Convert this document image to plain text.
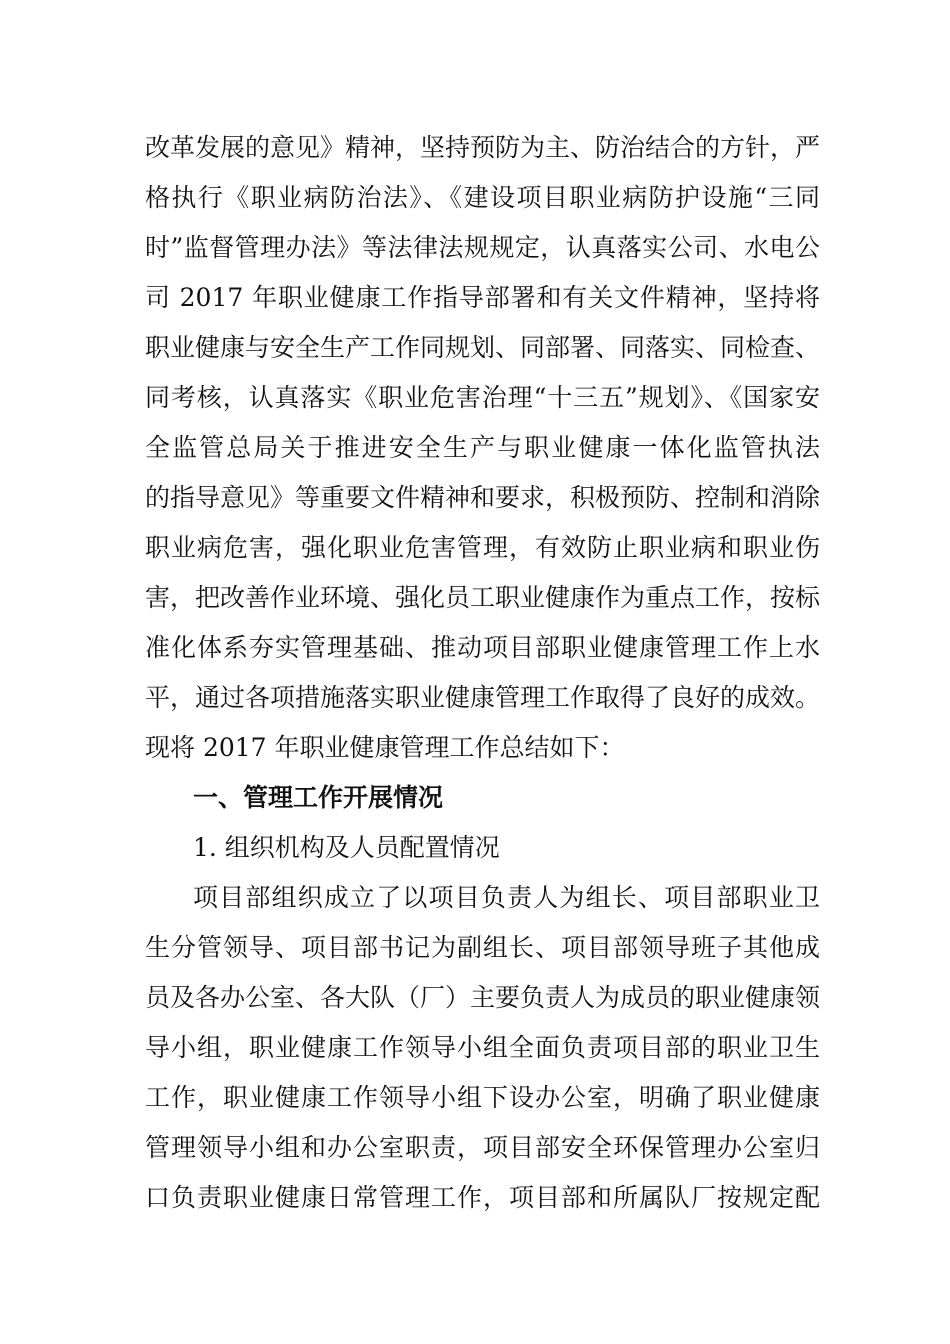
改革发展的意见》精神，坚持预防为主、防治结合的方针，严
格执行《职业病防治法》、《建设项目职业病防护设施“三同
时”监督管理办法》等法律法规规定，认真落实公司、水电公
司 2017 年职业健康工作指导部署和有关文件精神，坚持将
职业健康与安全生产工作同规划、同部署、同落实、同检查、
同考核，认真落实《职业危害治理“十三五”规划》、《国家安
全监管总局关于推进安全生产与职业健康一体化监管执法
的指导意见》等重要文件精神和要求，积极预防、控制和消除
职业病危害，强化职业危害管理，有效防止职业病和职业伤
害，把改善作业环境、强化员工职业健康作为重点工作，按标
准化体系夯实管理基础、推动项目部职业健康管理工作上水
平，通过各项措施落实职业健康管理工作取得了良好的成效。
现将 2017 年职业健康管理工作总结如下：
一、管理工作开展情况
1. 组织机构及人员配置情况
项目部组织成立了以项目负责人为组长、项目部职业卫
生分管领导、项目部书记为副组长、项目部领导班子其他成
员及各办公室、各大队（厂）主要负责人为成员的职业健康领
导小组，职业健康工作领导小组全面负责项目部的职业卫生
工作，职业健康工作领导小组下设办公室，明确了职业健康
管理领导小组和办公室职责，项目部安全环保管理办公室归
口负责职业健康日常管理工作，项目部和所属队厂按规定配
